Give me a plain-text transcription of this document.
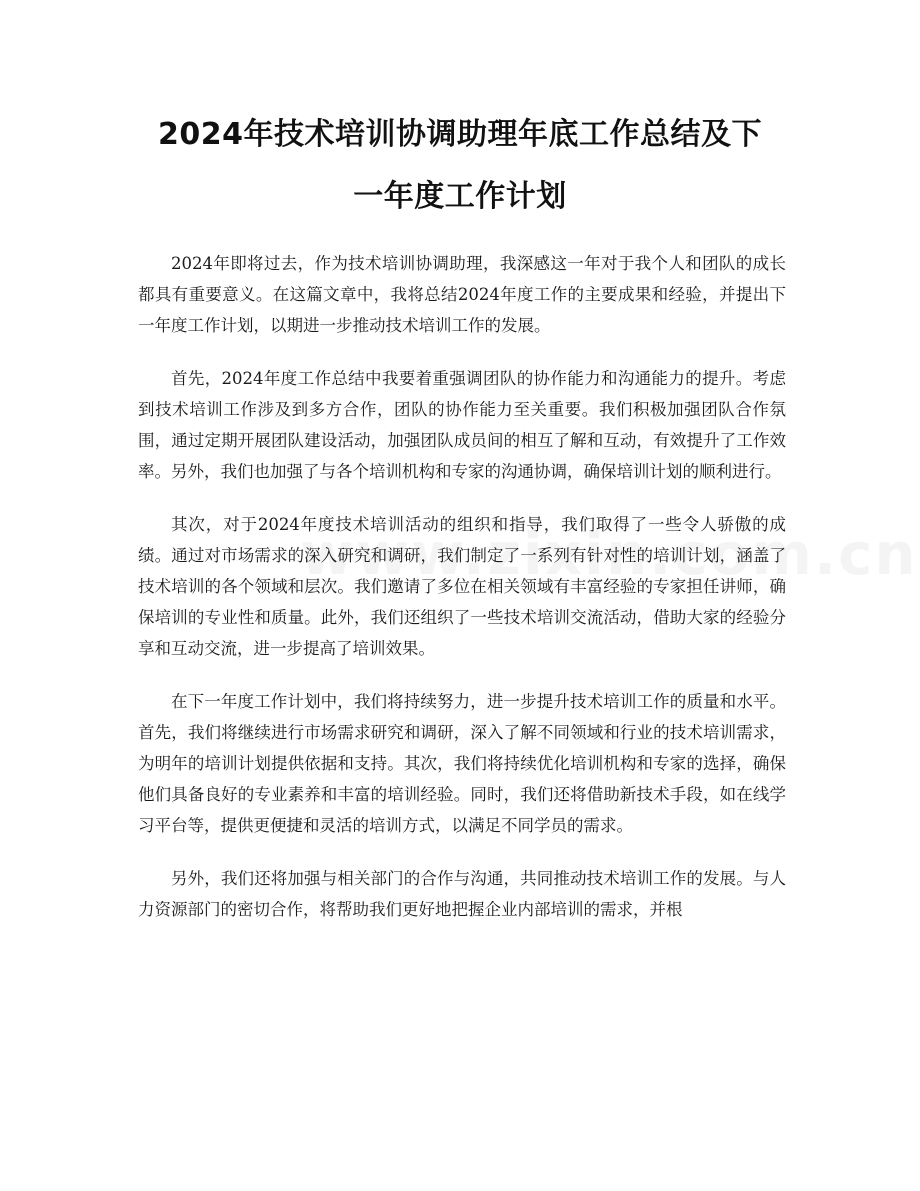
2024年技术培训协调助理年底工作总结及下
一年度工作计划

2024年即将过去，作为技术培训协调助理，我深感这一年对于我个人和团队的成长都具有重要意义。在这篇文章中，我将总结2024年度工作的主要成果和经验，并提出下一年度工作计划，以期进一步推动技术培训工作的发展。

首先，2024年度工作总结中我要着重强调团队的协作能力和沟通能力的提升。考虑到技术培训工作涉及到多方合作，团队的协作能力至关重要。我们积极加强团队合作氛围，通过定期开展团队建设活动，加强团队成员间的相互了解和互动，有效提升了工作效率。另外，我们也加强了与各个培训机构和专家的沟通协调，确保培训计划的顺利进行。

其次，对于2024年度技术培训活动的组织和指导，我们取得了一些令人骄傲的成绩。通过对市场需求的深入研究和调研，我们制定了一系列有针对性的培训计划，涵盖了技术培训的各个领域和层次。我们邀请了多位在相关领域有丰富经验的专家担任讲师，确保培训的专业性和质量。此外，我们还组织了一些技术培训交流活动，借助大家的经验分享和互动交流，进一步提高了培训效果。

在下一年度工作计划中，我们将持续努力，进一步提升技术培训工作的质量和水平。首先，我们将继续进行市场需求研究和调研，深入了解不同领域和行业的技术培训需求，为明年的培训计划提供依据和支持。其次，我们将持续优化培训机构和专家的选择，确保他们具备良好的专业素养和丰富的培训经验。同时，我们还将借助新技术手段，如在线学习平台等，提供更便捷和灵活的培训方式，以满足不同学员的需求。

另外，我们还将加强与相关部门的合作与沟通，共同推动技术培训工作的发展。与人力资源部门的密切合作，将帮助我们更好地把握企业内部培训的需求，并根
